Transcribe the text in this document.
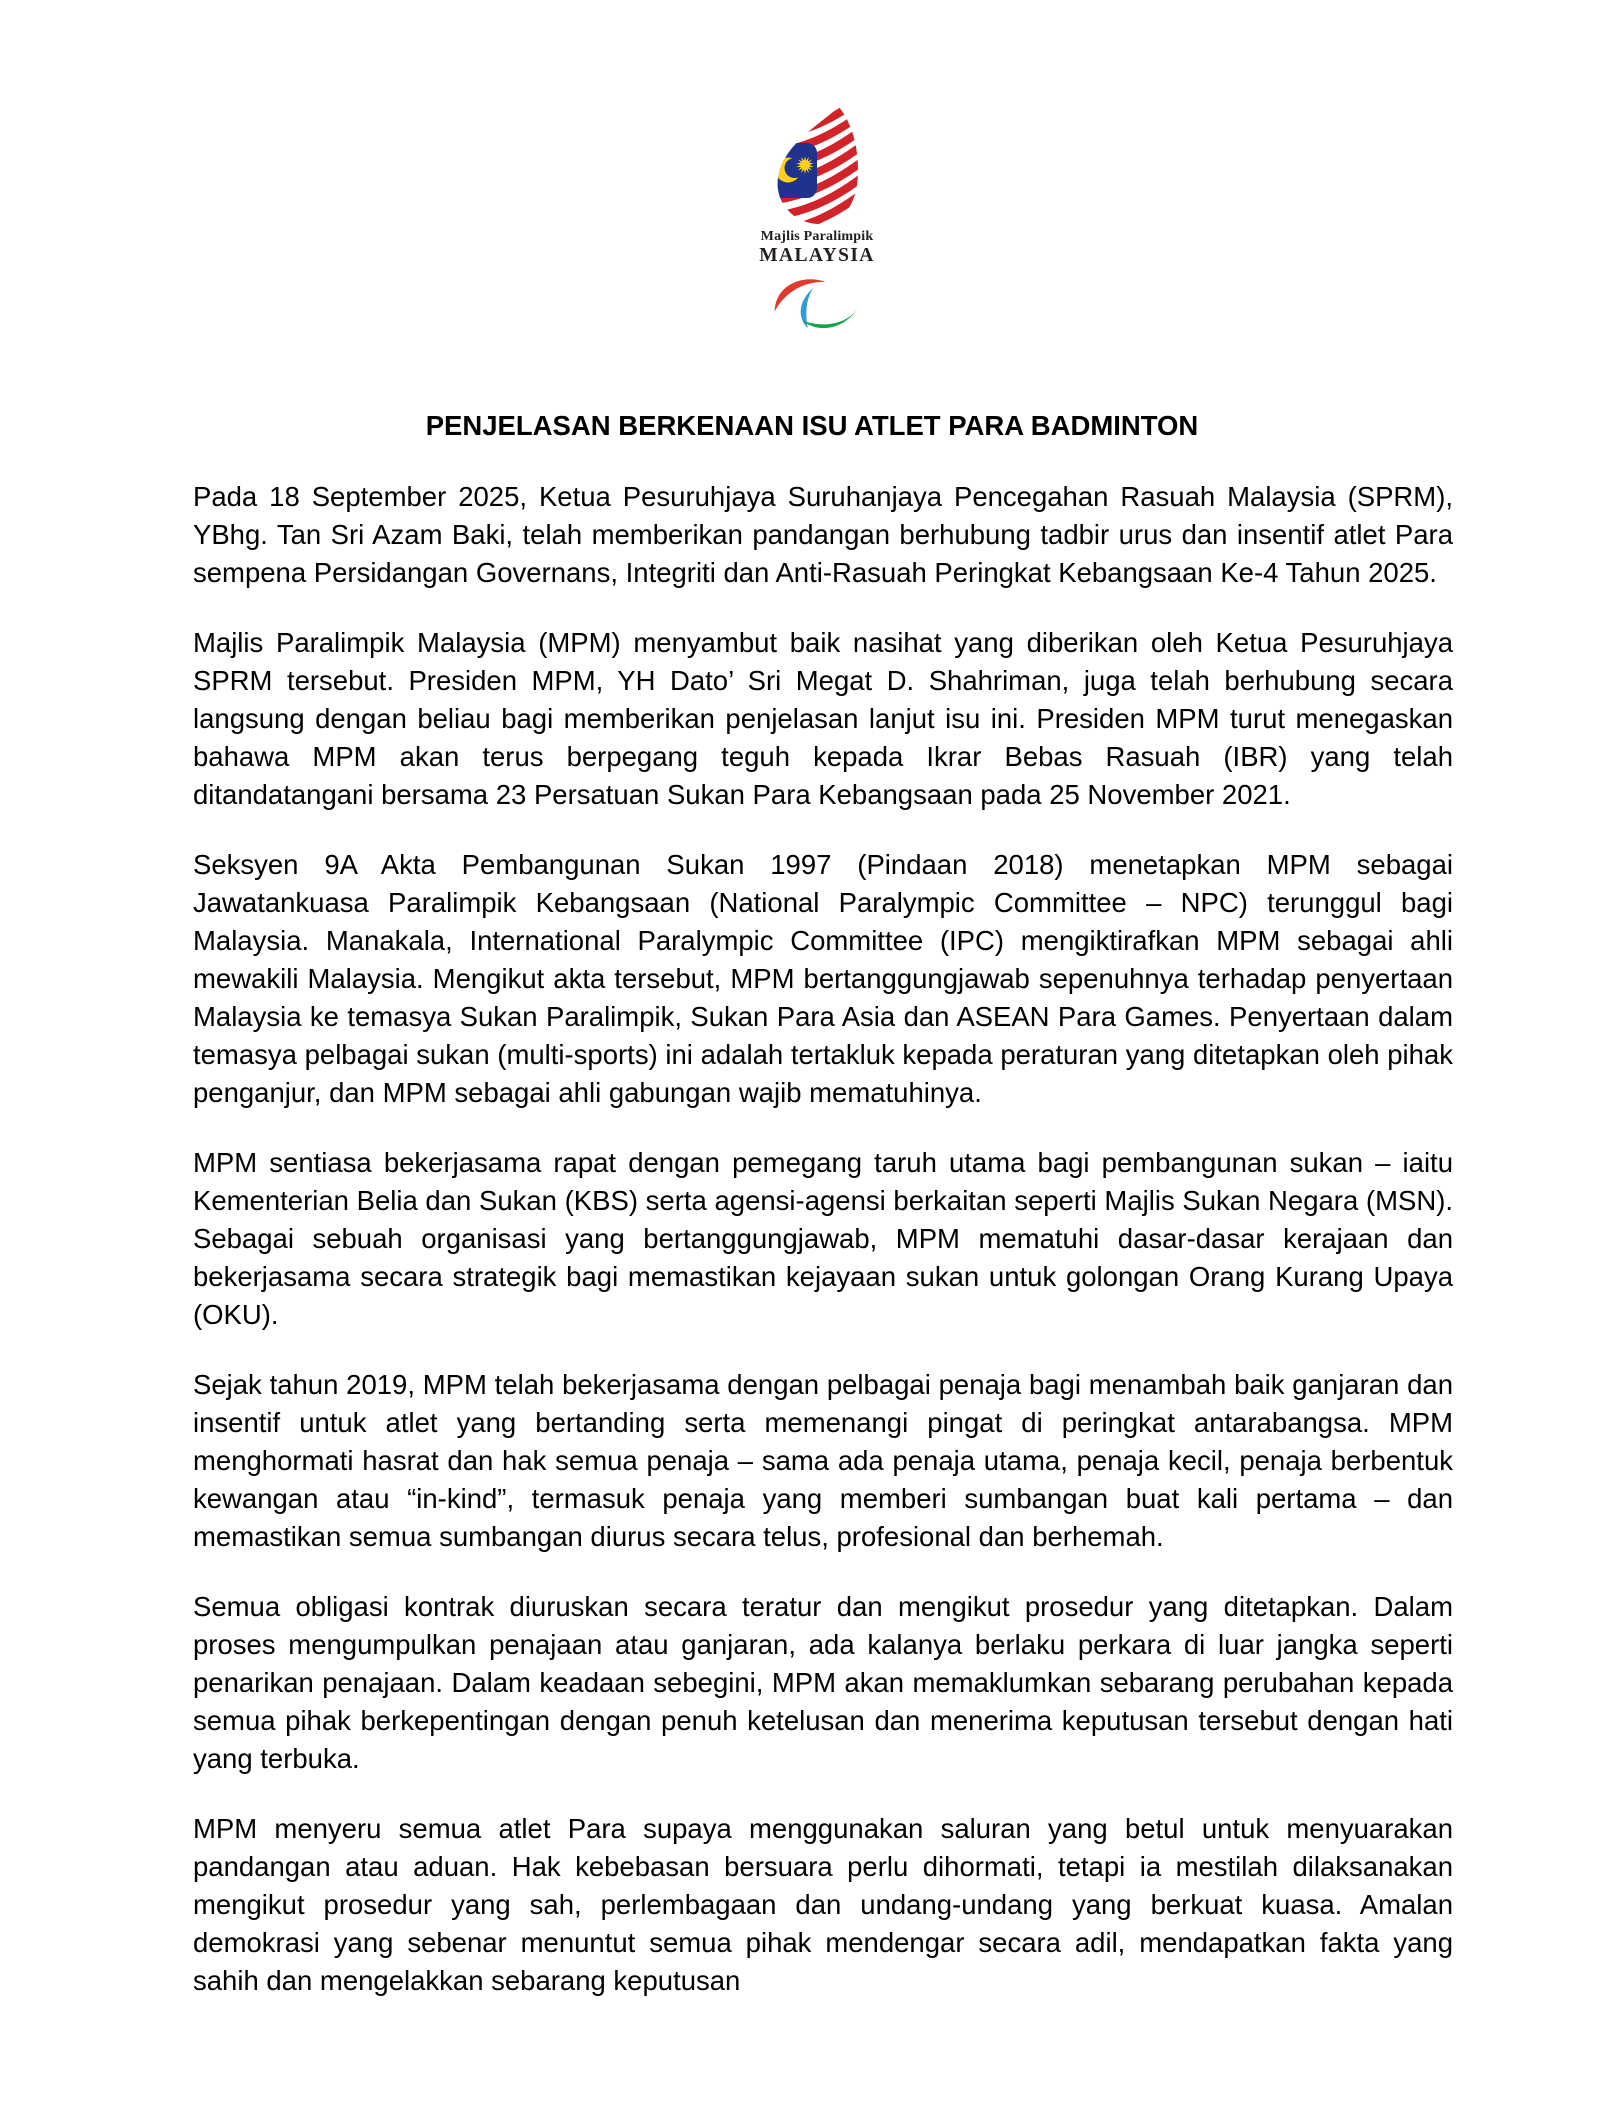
Majlis Paralimpik
MALAYSIA
PENJELASAN BERKENAAN ISU ATLET PARA BADMINTON

Pada 18 September 2025, Ketua Pesuruhjaya Suruhanjaya Pencegahan Rasuah Malaysia (SPRM), YBhg. Tan Sri Azam Baki, telah memberikan pandangan berhubung tadbir urus dan insentif atlet Para sempena Persidangan Governans, Integriti dan Anti-Rasuah Peringkat Kebangsaan Ke-4 Tahun 2025.

Majlis Paralimpik Malaysia (MPM) menyambut baik nasihat yang diberikan oleh Ketua Pesuruhjaya SPRM tersebut. Presiden MPM, YH Dato’ Sri Megat D. Shahriman, juga telah berhubung secara langsung dengan beliau bagi memberikan penjelasan lanjut isu ini. Presiden MPM turut menegaskan bahawa MPM akan terus berpegang teguh kepada Ikrar Bebas Rasuah (IBR) yang telah ditandatangani bersama 23 Persatuan Sukan Para Kebangsaan pada 25 November 2021.

Seksyen 9A Akta Pembangunan Sukan 1997 (Pindaan 2018) menetapkan MPM sebagai Jawatankuasa Paralimpik Kebangsaan (National Paralympic Committee – NPC) terunggul bagi Malaysia. Manakala, International Paralympic Committee (IPC) mengiktirafkan MPM sebagai ahli mewakili Malaysia. Mengikut akta tersebut, MPM bertanggungjawab sepenuhnya terhadap penyertaan Malaysia ke temasya Sukan Paralimpik, Sukan Para Asia dan ASEAN Para Games. Penyertaan dalam temasya pelbagai sukan (multi-sports) ini adalah tertakluk kepada peraturan yang ditetapkan oleh pihak penganjur, dan MPM sebagai ahli gabungan wajib mematuhinya.

MPM sentiasa bekerjasama rapat dengan pemegang taruh utama bagi pembangunan sukan – iaitu Kementerian Belia dan Sukan (KBS) serta agensi-agensi berkaitan seperti Majlis Sukan Negara (MSN). Sebagai sebuah organisasi yang bertanggungjawab, MPM mematuhi dasar-dasar kerajaan dan bekerjasama secara strategik bagi memastikan kejayaan sukan untuk golongan Orang Kurang Upaya (OKU).

Sejak tahun 2019, MPM telah bekerjasama dengan pelbagai penaja bagi menambah baik ganjaran dan insentif untuk atlet yang bertanding serta memenangi pingat di peringkat antarabangsa. MPM menghormati hasrat dan hak semua penaja – sama ada penaja utama, penaja kecil, penaja berbentuk kewangan atau “in-kind”, termasuk penaja yang memberi sumbangan buat kali pertama – dan memastikan semua sumbangan diurus secara telus, profesional dan berhemah.

Semua obligasi kontrak diuruskan secara teratur dan mengikut prosedur yang ditetapkan. Dalam proses mengumpulkan penajaan atau ganjaran, ada kalanya berlaku perkara di luar jangka seperti penarikan penajaan. Dalam keadaan sebegini, MPM akan memaklumkan sebarang perubahan kepada semua pihak berkepentingan dengan penuh ketelusan dan menerima keputusan tersebut dengan hati yang terbuka.

MPM menyeru semua atlet Para supaya menggunakan saluran yang betul untuk menyuarakan pandangan atau aduan. Hak kebebasan bersuara perlu dihormati, tetapi ia mestilah dilaksanakan mengikut prosedur yang sah, perlembagaan dan undang-undang yang berkuat kuasa. Amalan demokrasi yang sebenar menuntut semua pihak mendengar secara adil, mendapatkan fakta yang sahih dan mengelakkan sebarang keputusan
